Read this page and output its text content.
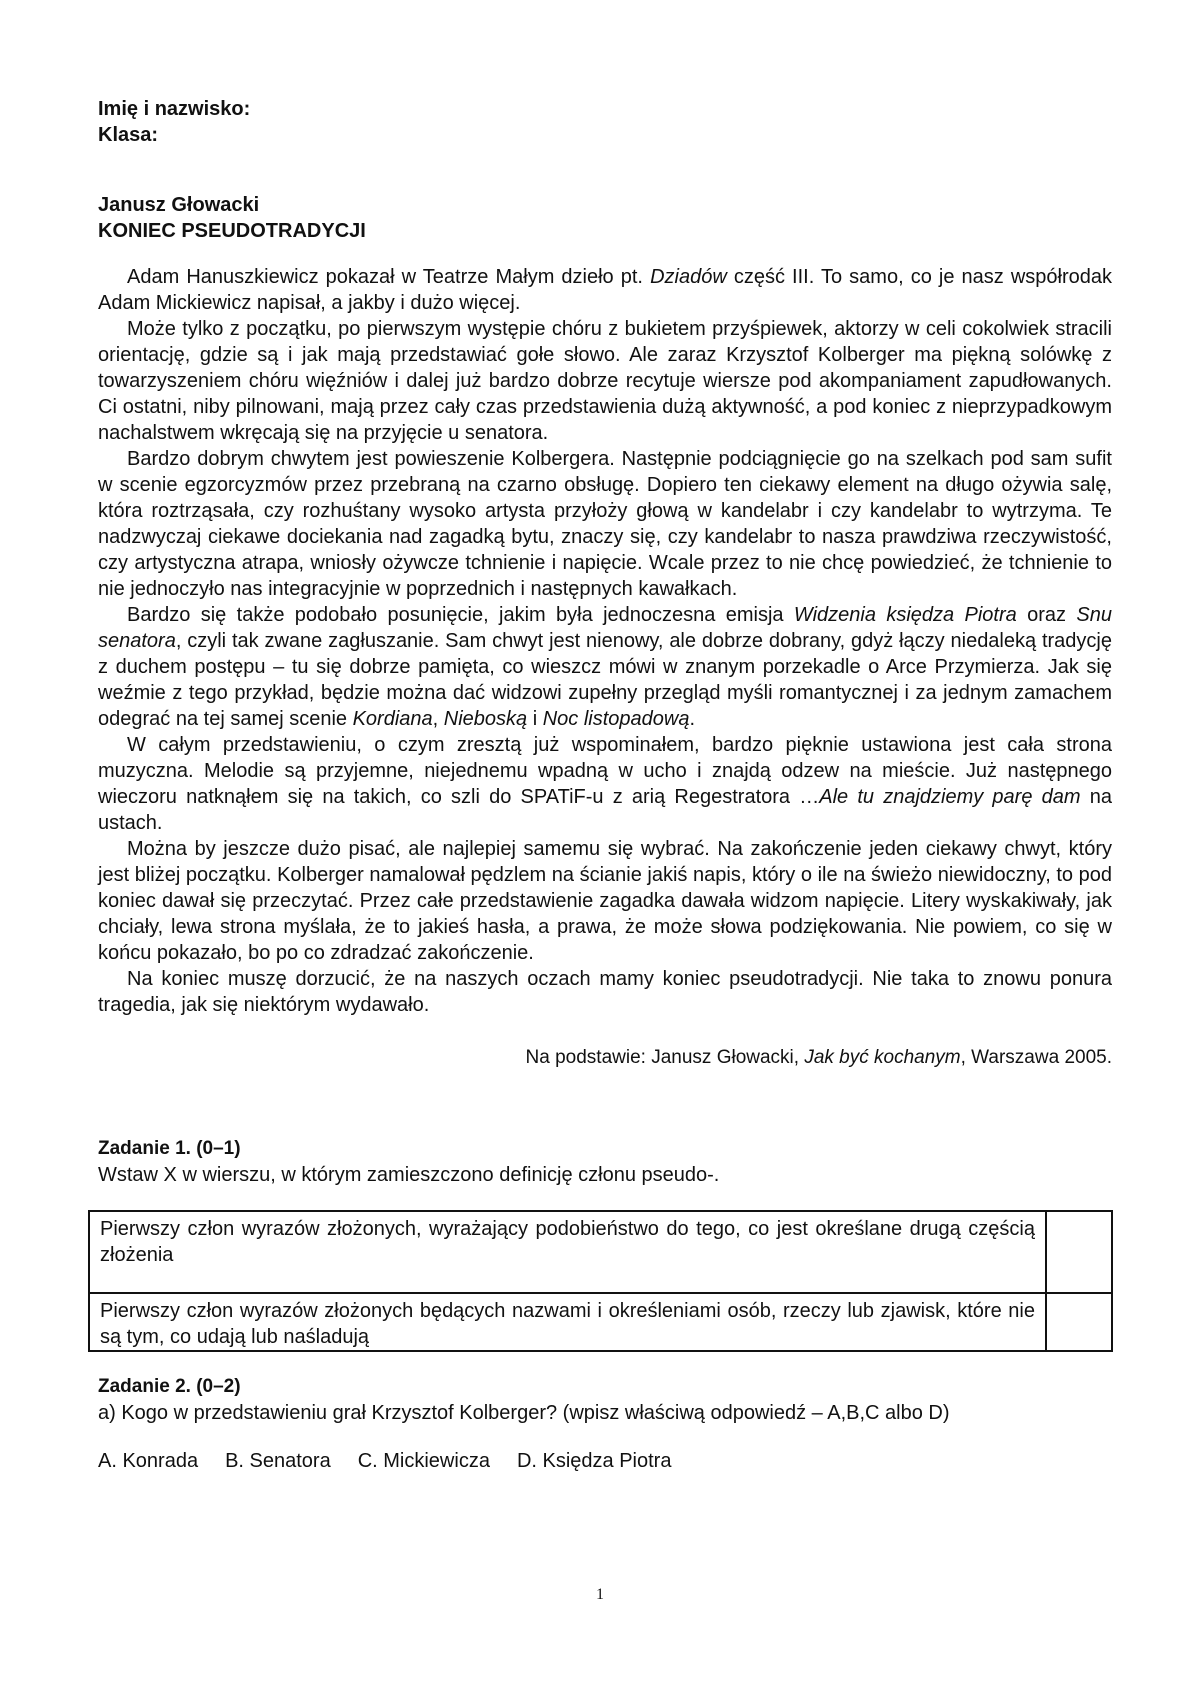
Imię i nazwisko:
Klasa:
Janusz Głowacki
KONIEC PSEUDOTRADYCJI

Adam Hanuszkiewicz pokazał w Teatrze Małym dzieło pt. Dziadów część III. To samo, co je nasz współrodak Adam Mickiewicz napisał, a jakby i dużo więcej.

Może tylko z początku, po pierwszym występie chóru z bukietem przyśpiewek, aktorzy w celi cokolwiek stracili orientację, gdzie są i jak mają przedstawiać gołe słowo. Ale zaraz Krzysztof Kolberger ma piękną solówkę z towarzyszeniem chóru więźniów i dalej już bardzo dobrze recytuje wiersze pod akompaniament zapudłowanych. Ci ostatni, niby pilnowani, mają przez cały czas przedstawienia dużą aktywność, a pod koniec z nieprzypadkowym nachalstwem wkręcają się na przyjęcie u senatora.

Bardzo dobrym chwytem jest powieszenie Kolbergera. Następnie podciągnięcie go na szelkach pod sam sufit w scenie egzorcyzmów przez przebraną na czarno obsługę. Dopiero ten ciekawy element na długo ożywia salę, która roztrząsała, czy rozhuśtany wysoko artysta przyłoży głową w kandelabr i czy kandelabr to wytrzyma. Te nadzwyczaj ciekawe dociekania nad zagadką bytu, znaczy się, czy kandelabr to nasza prawdziwa rzeczywistość, czy artystyczna atrapa, wniosły ożywcze tchnienie i napięcie. Wcale przez to nie chcę powiedzieć, że tchnienie to nie jednoczyło nas integracyjnie w poprzednich i następnych kawałkach.

Bardzo się także podobało posunięcie, jakim była jednoczesna emisja Widzenia księdza Piotra oraz Snu senatora, czyli tak zwane zagłuszanie. Sam chwyt jest nienowy, ale dobrze dobrany, gdyż łączy niedaleką tradycję z duchem postępu – tu się dobrze pamięta, co wieszcz mówi w znanym porzekadle o Arce Przymierza. Jak się weźmie z tego przykład, będzie można dać widzowi zupełny przegląd myśli romantycznej i za jednym zamachem odegrać na tej samej scenie Kordiana, Nieboską i Noc listopadową.

W całym przedstawieniu, o czym zresztą już wspominałem, bardzo pięknie ustawiona jest cała strona muzyczna. Melodie są przyjemne, niejednemu wpadną w ucho i znajdą odzew na mieście. Już następnego wieczoru natknąłem się na takich, co szli do SPATiF-u z arią Regestratora …Ale tu znajdziemy parę dam na ustach.

Można by jeszcze dużo pisać, ale najlepiej samemu się wybrać. Na zakończenie jeden ciekawy chwyt, który jest bliżej początku. Kolberger namalował pędzlem na ścianie jakiś napis, który o ile na świeżo niewidoczny, to pod koniec dawał się przeczytać. Przez całe przedstawienie zagadka dawała widzom napięcie. Litery wyskakiwały, jak chciały, lewa strona myślała, że to jakieś hasła, a prawa, że może słowa podziękowania. Nie powiem, co się w końcu pokazało, bo po co zdradzać zakończenie.

Na koniec muszę dorzucić, że na naszych oczach mamy koniec pseudotradycji. Nie taka to znowu ponura tragedia, jak się niektórym wydawało.

Na podstawie: Janusz Głowacki, Jak być kochanym, Warszawa 2005.
Zadanie 1. (0–1)
Wstaw X w wierszu, w którym zamieszczono definicję członu pseudo-.
Pierwszy człon wyrazów złożonych, wyrażający podobieństwo do tego, co jest określane drugą częścią złożenia	
Pierwszy człon wyrazów złożonych będących nazwami i określeniami osób, rzeczy lub zjawisk, które nie są tym, co udają lub naśladują	
Zadanie 2. (0–2)
a) Kogo w przedstawieniu grał Krzysztof Kolberger? (wpisz właściwą odpowiedź – A,B,C albo D)
A. Konrada B. Senatora C. Mickiewicza D. Księdza Piotra
1
